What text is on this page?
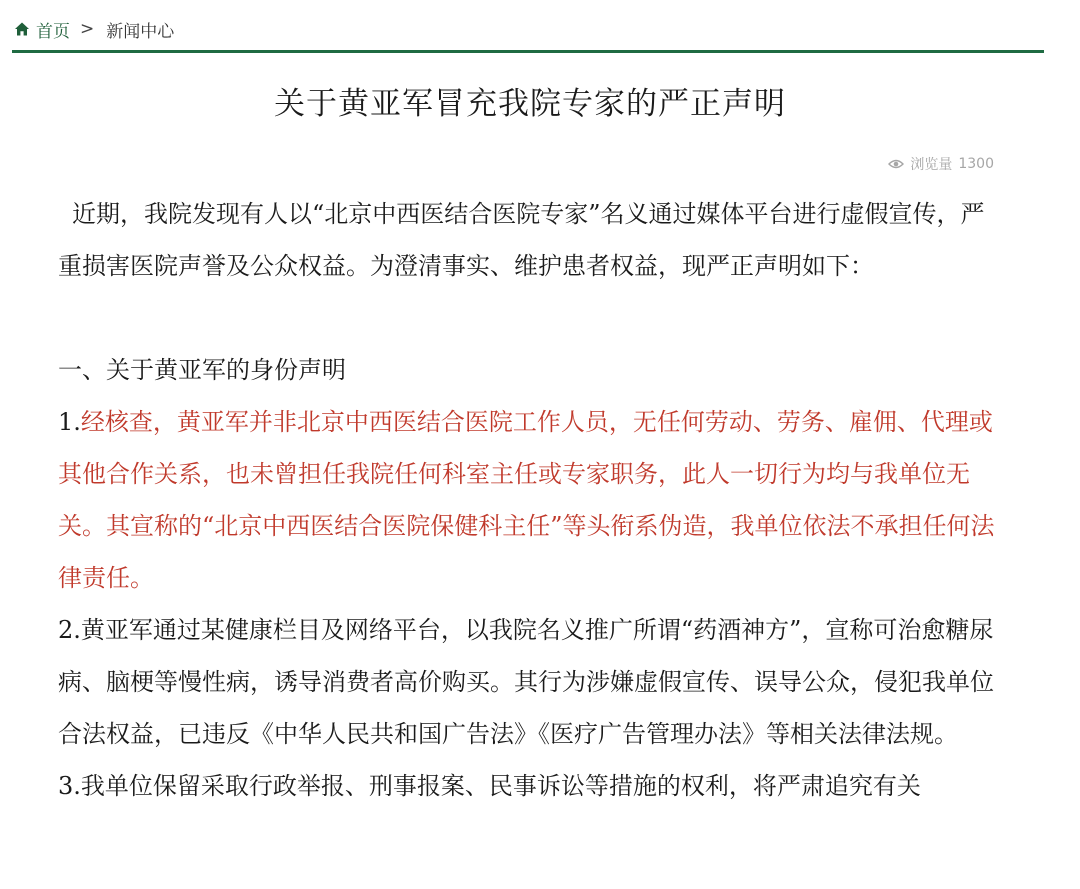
首页 > 新闻中心
关于黄亚军冒充我院专家的严正声明
浏览量 1300

近期，我院发现有人以“北京中西医结合医院专家”名义通过媒体平台进行虚假宣传，严重损害医院声誉及公众权益。为澄清事实、维护患者权益，现严正声明如下：

一、关于黄亚军的身份声明

1.经核查，黄亚军并非北京中西医结合医院工作人员，无任何劳动、劳务、雇佣、代理或其他合作关系，也未曾担任我院任何科室主任或专家职务，此人一切行为均与我单位无关。其宣称的“北京中西医结合医院保健科主任”等头衔系伪造，我单位依法不承担任何法律责任。

2.黄亚军通过某健康栏目及网络平台，以我院名义推广所谓“药酒神方”，宣称可治愈糖尿病、脑梗等慢性病，诱导消费者高价购买。其行为涉嫌虚假宣传、误导公众，侵犯我单位合法权益，已违反《中华人民共和国广告法》《医疗广告管理办法》等相关法律法规。

3.我单位保留采取行政举报、刑事报案、民事诉讼等措施的权利，将严肃追究有关
